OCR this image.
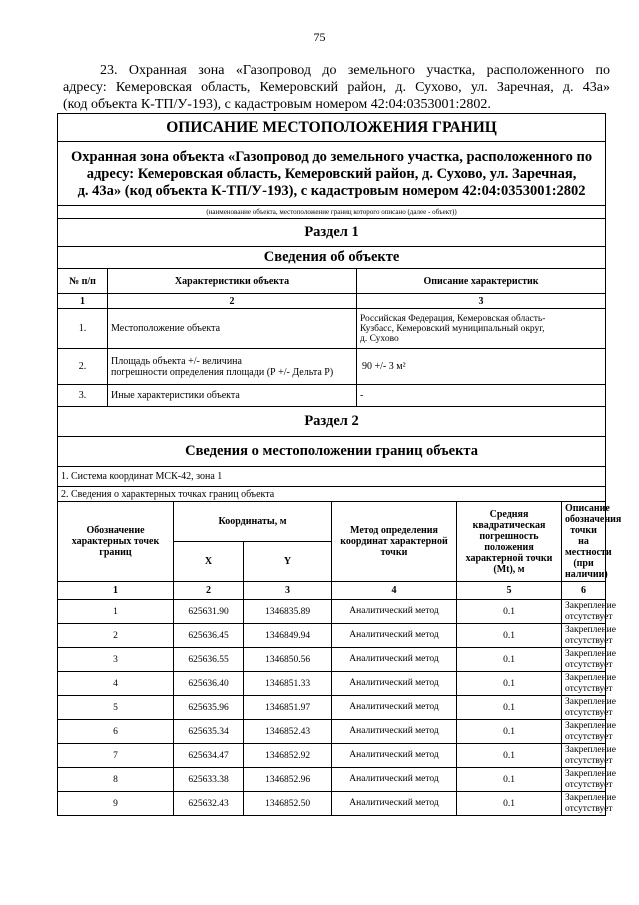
75
23. Охранная зона «Газопровод до земельного участка, расположенного по
адресу: Кемеровская область, Кемеровский район, д. Сухово, ул. Заречная, д. 43а»
(код объекта К-ТП/У-193), с кадастровым номером 42:04:0353001:2802.
ОПИСАНИЕ МЕСТОПОЛОЖЕНИЯ ГРАНИЦ							

Охранная зона объекта «Газопровод до земельного участка, расположенного по
адресу: Кемеровская область, Кемеровский район, д. Сухово, ул. Заречная,
д. 43а» (код объекта К-ТП/У-193), с кадастровым номером 42:04:0353001:2802							

(наименование объекта, местоположение границ которого описано (далее - объект))							
Раздел 1							
Сведения об объекте							
№ п/п	Характеристики объекта				Описание характеристик		
1	2				3		
1.	Местоположение объекта				Российская Федерация, Кемеровская область-
Кузбасс, Кемеровский муниципальный округ,
д. Сухово		

2.	Площадь объекта +/- величина
погрешности определения площади (Р +/- Дельта Р)				90 +/- 3 м²		
3.	Иные характеристики объекта				-		
Раздел 2							
Сведения о местоположении границ объекта							
1. Система координат МСК-42, зона 1							
2. Сведения о характерных точках границ объекта							
Обозначение характерных точек границ		Координаты, м		Метод определения координат характерной точки		Средняя квадратическая погрешность положения характерной точки (Mt), м	Описание обозначения точки на местности (при наличии)
		X	Y				
1		2	3	4		5	6
1		625631.90	1346835.89	Аналитический метод		0.1	Закрепление отсутствует
2		625636.45	1346849.94	Аналитический метод		0.1	Закрепление отсутствует
3		625636.55	1346850.56	Аналитический метод		0.1	Закрепление отсутствует
4		625636.40	1346851.33	Аналитический метод		0.1	Закрепление отсутствует
5		625635.96	1346851.97	Аналитический метод		0.1	Закрепление отсутствует
6		625635.34	1346852.43	Аналитический метод		0.1	Закрепление отсутствует
7		625634.47	1346852.92	Аналитический метод		0.1	Закрепление отсутствует
8		625633.38	1346852.96	Аналитический метод		0.1	Закрепление отсутствует
9		625632.43	1346852.50	Аналитический метод		0.1	Закрепление отсутствует
